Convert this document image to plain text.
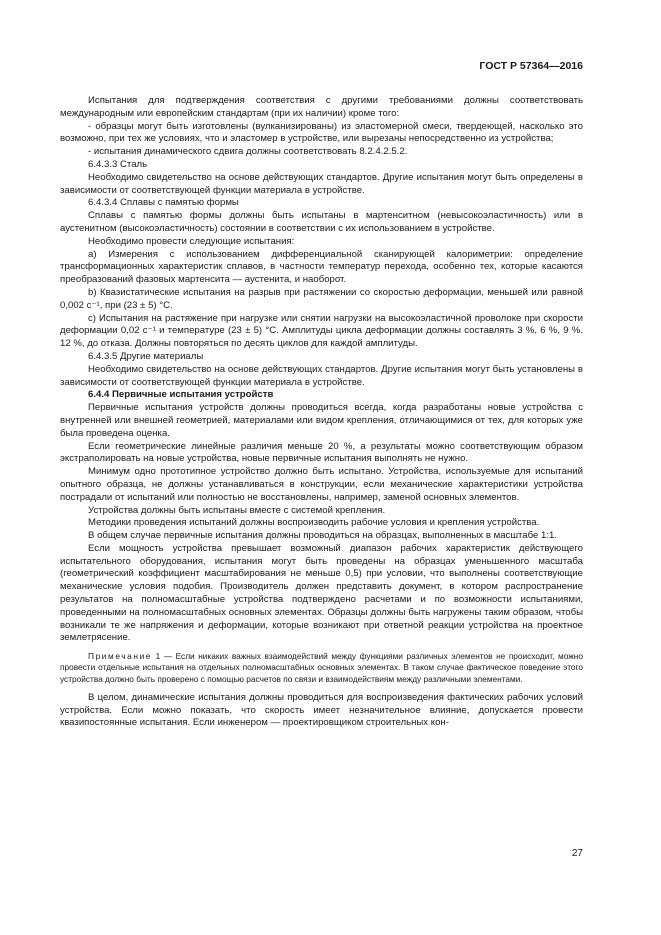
ГОСТ Р 57364—2016

Испытания для подтверждения соответствия с другими требованиями должны соответствовать международным или европейским стандартам (при их наличии) кроме того:

- образцы могут быть изготовлены (вулканизированы) из эластомерной смеси, твердеющей, насколько это возможно, при тех же условиях, что и эластомер в устройстве, или вырезаны непосредственно из устройства;

- испытания динамического сдвига должны соответствовать 8.2.4.2.5.2.

6.4.3.3 Сталь

Необходимо свидетельство на основе действующих стандартов. Другие испытания могут быть определены в зависимости от соответствующей функции материала в устройстве.

6.4.3.4 Сплавы с памятью формы

Сплавы с памятью формы должны быть испытаны в мартенситном (невысокоэластичность) или в аустенитном (высокоэластичность) состоянии в соответствии с их использованием в устройстве.

Необходимо провести следующие испытания:

а) Измерения с использованием дифференциальной сканирующей калориметрии: определение трансформационных характеристик сплавов, в частности температур перехода, особенно тех, которые касаются преобразований фазовых мартенсита — аустенита, и наоборот.

b) Квазистатические испытания на разрыв при растяжении со скоростью деформации, меньшей или равной 0,002 с⁻¹, при (23 ± 5) °С.

с) Испытания на растяжение при нагрузке или снятии нагрузки на высокоэластичной проволоке при скорости деформации 0,02 с⁻¹ и температуре (23 ± 5) °С. Амплитуды цикла деформации должны составлять 3 %, 6 %, 9 %. 12 %, до отказа. Должны повторяться по десять циклов для каждой амплитуды.

6.4.3.5 Другие материалы

Необходимо свидетельство на основе действующих стандартов. Другие испытания могут быть установлены в зависимости от соответствующей функции материала в устройстве.

6.4.4 Первичные испытания устройств

Первичные испытания устройств должны проводиться всегда, когда разработаны новые устройства с внутренней или внешней геометрией, материалами или видом крепления, отличающимися от тех, для которых уже была проведена оценка.

Если геометрические линейные различия меньше 20 %, а результаты можно соответствующим образом экстраполировать на новые устройства, новые первичные испытания выполнять не нужно.

Минимум одно прототипное устройство должно быть испытано. Устройства, используемые для испытаний опытного образца, не должны устанавливаться в конструкции, если механические характеристики устройства пострадали от испытаний или полностью не восстановлены, например, заменой основных элементов.

Устройства должны быть испытаны вместе с системой крепления.

Методики проведения испытаний должны воспроизводить рабочие условия и крепления устройства.

В общем случае первичные испытания должны проводиться на образцах, выполненных в масштабе 1:1.

Если мощность устройства превышает возможный диапазон рабочих характеристик действующего испытательного оборудования, испытания могут быть проведены на образцах уменьшенного масштаба (геометрический коэффициент масштабирования не меньше 0,5) при условии, что выполнены соответствующие механические условия подобия. Производитель должен представить документ, в котором распространение результатов на полномасштабные устройства подтверждено расчетами и по возможности испытаниями, проведенными на полномасштабных основных элементах. Образцы должны быть нагружены таким образом, чтобы возникали те же напряжения и деформации, которые возникают при ответной реакции устройства на проектное землетрясение.

Примечание 1 — Если никаких важных взаимодействий между функциями различных элементов не происходит, можно провести отдельные испытания на отдельных полномасштабных основных элементах. В таком случае фактическое поведение этого устройства должно быть проверено с помощью расчетов по связи и взаимодействиям между различными элементами.

В целом, динамические испытания должны проводиться для воспроизведения фактических рабочих условий устройства. Если можно показать, что скорость имеет незначительное влияние, допускается провести квазипостоянные испытания. Если инженером — проектировщиком строительных кон-

27
